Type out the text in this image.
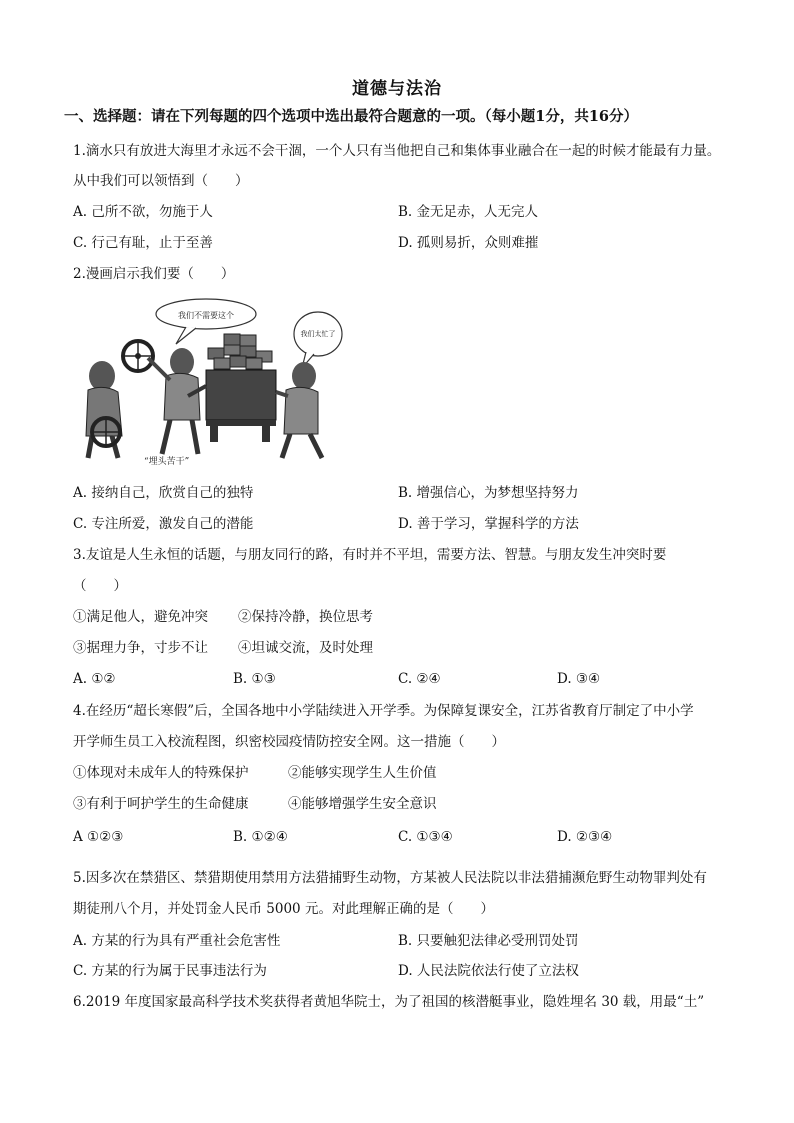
道德与法治
一、选择题：请在下列每题的四个选项中选出最符合题意的一项。（每小题1分，共16分）
1.滴水只有放进大海里才永远不会干涸，一个人只有当他把自己和集体事业融合在一起的时候才能最有力量。
从中我们可以领悟到（　　）
A. 己所不欲，勿施于人	B. 金无足赤，人无完人
C. 行己有耻，止于至善	D. 孤则易折，众则难摧
2.漫画启示我们要（　　）
我们不需要这个
我们太忙了
“埋头苦干”
A. 接纳自己，欣赏自己的独特	B. 增强信心，为梦想坚持努力
C. 专注所爱，激发自己的潜能	D. 善于学习，掌握科学的方法
3.友谊是人生永恒的话题，与朋友同行的路，有时并不平坦，需要方法、智慧。与朋友发生冲突时要
（　　）
①满足他人，避免冲突 ②保持冷静，换位思考
③据理力争，寸步不让 ④坦诚交流，及时处理
A. ①②	B. ①③	C. ②④	D. ③④
4.在经历“超长寒假”后，全国各地中小学陆续进入开学季。为保障复课安全，江苏省教育厅制定了中小学
开学师生员工入校流程图，织密校园疫情防控安全网。这一措施（　　）
①体现对未成年人的特殊保护	②能够实现学生人生价值
③有利于呵护学生的生命健康	④能够增强学生安全意识
A ①②③	B. ①②④	C. ①③④	D. ②③④
5.因多次在禁猎区、禁猎期使用禁用方法猎捕野生动物，方某被人民法院以非法猎捕濒危野生动物罪判处有
期徒刑八个月，并处罚金人民币 5000 元。对此理解正确的是（　　）
A. 方某的行为具有严重社会危害性	B. 只要触犯法律必受刑罚处罚
C. 方某的行为属于民事违法行为	D. 人民法院依法行使了立法权
6.2019 年度国家最高科学技术奖获得者黄旭华院士，为了祖国的核潜艇事业，隐姓埋名 30 载，用最“土”
